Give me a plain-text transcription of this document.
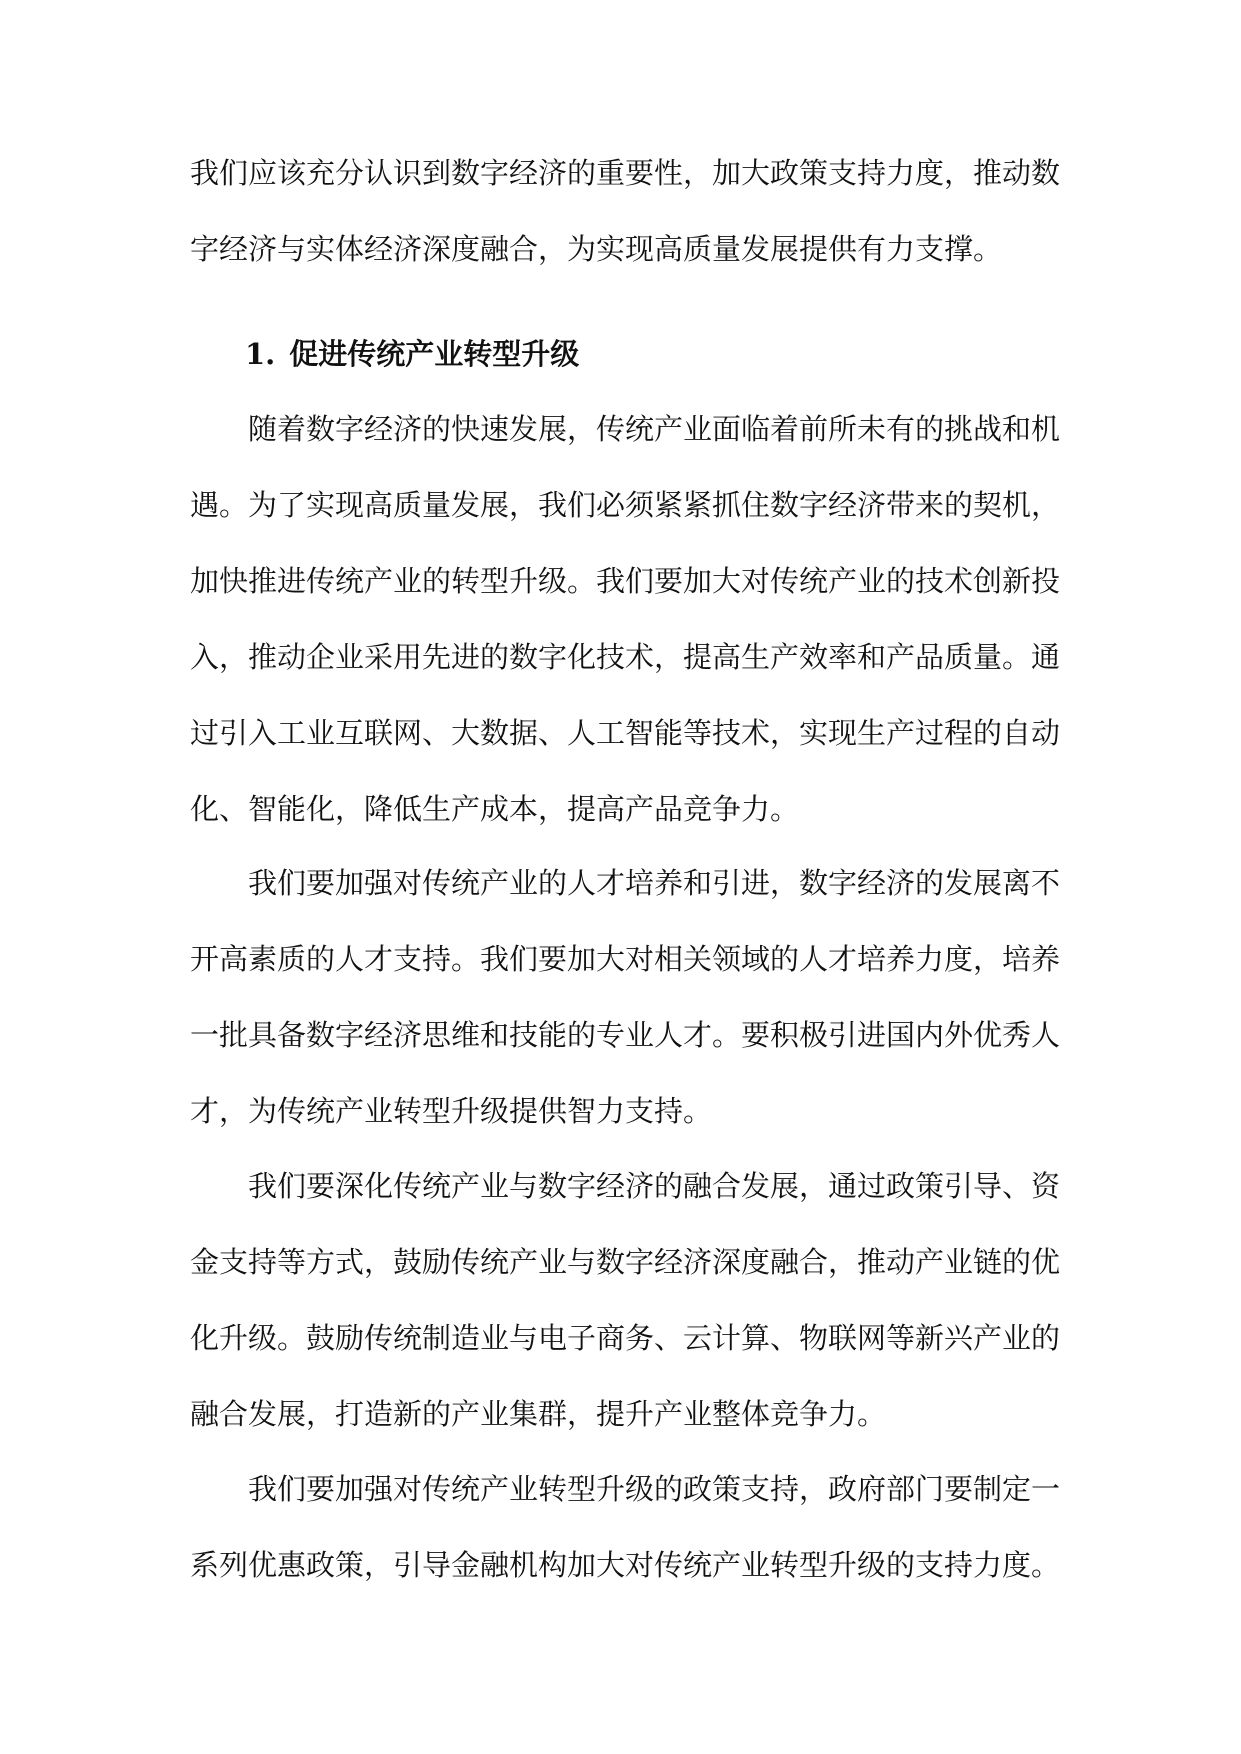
我们应该充分认识到数字经济的重要性，加大政策支持力度，推动数字经济与实体经济深度融合，为实现高质量发展提供有力支撑。
1. 促进传统产业转型升级

随着数字经济的快速发展，传统产业面临着前所未有的挑战和机遇。为了实现高质量发展，我们必须紧紧抓住数字经济带来的契机，加快推进传统产业的转型升级。我们要加大对传统产业的技术创新投入，推动企业采用先进的数字化技术，提高生产效率和产品质量。通过引入工业互联网、大数据、人工智能等技术，实现生产过程的自动化、智能化，降低生产成本，提高产品竞争力。

我们要加强对传统产业的人才培养和引进，数字经济的发展离不开高素质的人才支持。我们要加大对相关领域的人才培养力度，培养一批具备数字经济思维和技能的专业人才。要积极引进国内外优秀人才，为传统产业转型升级提供智力支持。

我们要深化传统产业与数字经济的融合发展，通过政策引导、资金支持等方式，鼓励传统产业与数字经济深度融合，推动产业链的优化升级。鼓励传统制造业与电子商务、云计算、物联网等新兴产业的融合发展，打造新的产业集群，提升产业整体竞争力。

我们要加强对传统产业转型升级的政策支持，政府部门要制定一系列优惠政策，引导金融机构加大对传统产业转型升级的支持力度。
